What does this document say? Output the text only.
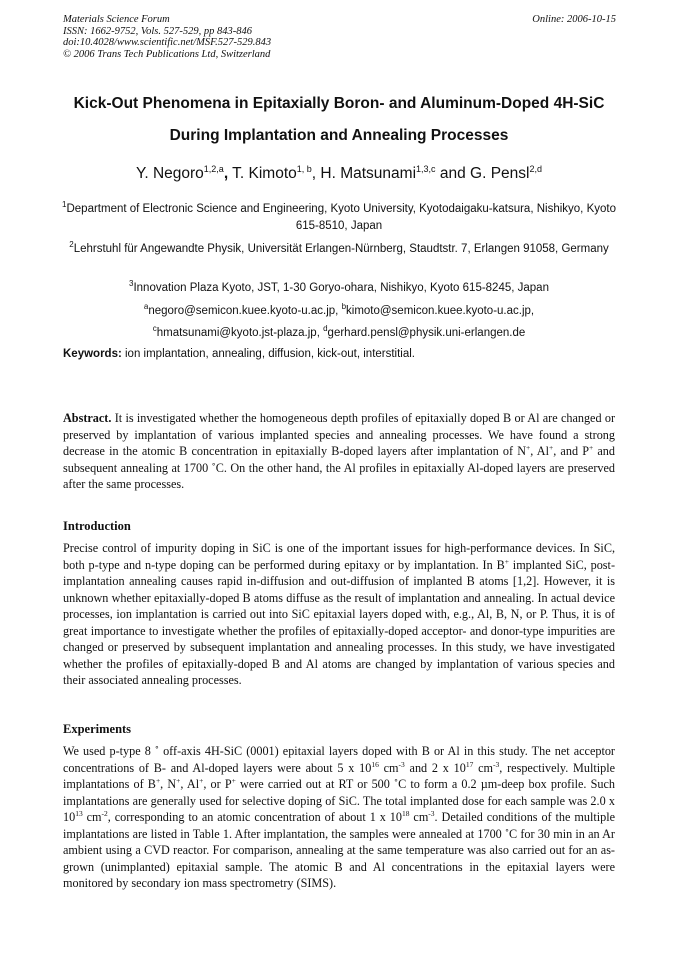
Materials Science Forum
ISSN: 1662-9752, Vols. 527-529, pp 843-846
doi:10.4028/www.scientific.net/MSF.527-529.843
© 2006 Trans Tech Publications Ltd, Switzerland
Online: 2006-10-15
Kick-Out Phenomena in Epitaxially Boron- and Aluminum-Doped 4H-SiC
During Implantation and Annealing Processes
Y. Negoro$^{1,2,a}$, T. Kimoto$^{1, b}$, H. Matsunami$^{1,3,c}$ and G. Pensl$^{2,d}$
$^1$Department of Electronic Science and Engineering, Kyoto University, Kyotodaigaku-katsura, Nishikyo, Kyoto 615-8510, Japan
$^2$Lehrstuhl für Angewandte Physik, Universität Erlangen-Nürnberg, Staudtstr. 7, Erlangen 91058, Germany
$^3$Innovation Plaza Kyoto, JST, 1-30 Goryo-ohara, Nishikyo, Kyoto 615-8245, Japan
$^a$negoro@semicon.kuee.kyoto-u.ac.jp, $^b$kimoto@semicon.kuee.kyoto-u.ac.jp,
$^c$hmatsunami@kyoto.jst-plaza.jp, $^d$gerhard.pensl@physik.uni-erlangen.de
Keywords: ion implantation, annealing, diffusion, kick-out, interstitial.
Abstract. It is investigated whether the homogeneous depth profiles of epitaxially doped B or Al are changed or preserved by implantation of various implanted species and annealing processes. We have found a strong decrease in the atomic B concentration in epitaxially B-doped layers after implantation of N+, Al+, and P+ and subsequent annealing at 1700 ˚C. On the other hand, the Al profiles in epitaxially Al-doped layers are preserved after the same processes.
Introduction
Precise control of impurity doping in SiC is one of the important issues for high-performance devices. In SiC, both p-type and n-type doping can be performed during epitaxy or by implantation. In B+ implanted SiC, post-implantation annealing causes rapid in-diffusion and out-diffusion of implanted B atoms [1,2]. However, it is unknown whether epitaxially-doped B atoms diffuse as the result of implantation and annealing. In actual device processes, ion implantation is carried out into SiC epitaxial layers doped with, e.g., Al, B, N, or P. Thus, it is of great importance to investigate whether the profiles of epitaxially-doped acceptor- and donor-type impurities are changed or preserved by subsequent implantation and annealing processes. In this study, we have investigated whether the profiles of epitaxially-doped B and Al atoms are changed by implantation of various species and their associated annealing processes.
Experiments
We used p-type 8 ˚ off-axis 4H-SiC (0001) epitaxial layers doped with B or Al in this study. The net acceptor concentrations of B- and Al-doped layers were about 5 x $10^{16}$ $cm^{-3}$ and 2 x $10^{17}$ $cm^{-3}$, respectively. Multiple implantations of B+, N+, Al+, or P+ were carried out at RT or 500 ˚C to form a 0.2 µm-deep box profile. Such implantations are generally used for selective doping of SiC. The total implanted dose for each sample was 2.0 x $10^{13}$ $cm^{-2}$, corresponding to an atomic concentration of about 1 x $10^{18}$ $cm^{-3}$. Detailed conditions of the multiple implantations are listed in Table 1. After implantation, the samples were annealed at 1700 ˚C for 30 min in an Ar ambient using a CVD reactor. For comparison, annealing at the same temperature was also carried out for an as-grown (unimplanted) epitaxial sample. The atomic B and Al concentrations in the epitaxial layers were monitored by secondary ion mass spectrometry (SIMS).
